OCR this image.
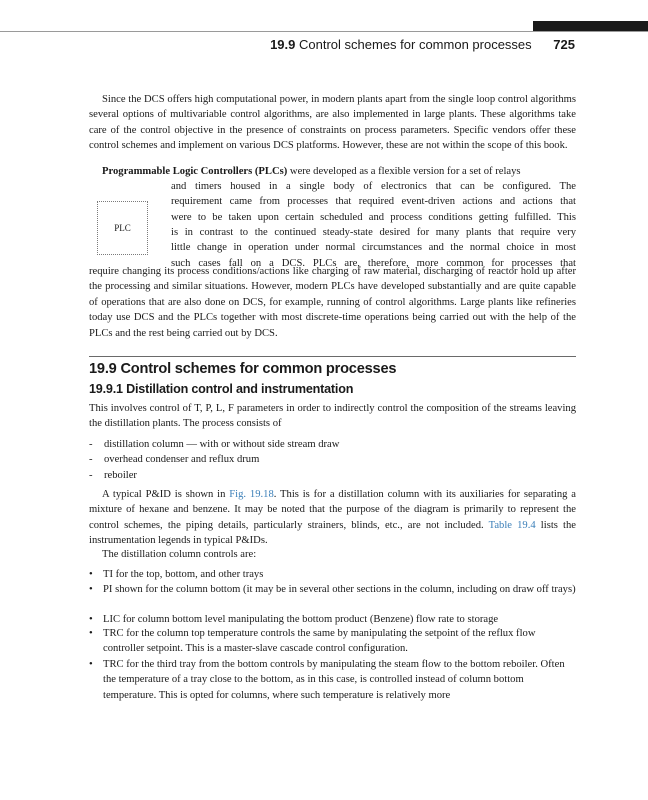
19.9 Control schemes for common processes 725

Since the DCS offers high computational power, in modern plants apart from the single loop control algorithms several options of multivariable control algorithms, are also implemented in large plants. These algorithms take care of the control objective in the presence of constraints on process parameters. Specific vendors offer these control schemes and implement on various DCS platforms. However, these are not within the scope of this book.

Programmable Logic Controllers (PLCs) were developed as a flexible version for a set of relays

PLC
and timers housed in a single body of electronics that can be configured. The
requirement came from processes that required event-driven actions and actions that
were to be taken upon certain scheduled and process conditions getting fulfilled. This
is in contrast to the continued steady-state desired for many plants that require very
little change in operation under normal circumstances and the normal choice in most
such cases fall on a DCS. PLCs are, therefore, more common for processes that

require changing its process conditions/actions like charging of raw material, discharging of reactor hold up after the processing and similar situations. However, modern PLCs have developed substantially and are quite capable of operations that are also done on DCS, for example, running of control algorithms. Large plants like refineries today use DCS and the PLCs together with most discrete-time operations being carried out with the help of the PLCs and the rest being carried out by DCS.

19.9 Control schemes for common processes
19.9.1 Distillation control and instrumentation

This involves control of T, P, L, F parameters in order to indirectly control the composition of the streams leaving the distillation plants. The process consists of

- distillation column — with or without side stream draw
- overhead condenser and reflux drum
- reboiler

A typical P&ID is shown in Fig. 19.18. This is for a distillation column with its auxiliaries for separating a mixture of hexane and benzene. It may be noted that the purpose of the diagram is primarily to represent the control schemes, the piping details, particularly strainers, blinds, etc., are not included. Table 19.4 lists the instrumentation legends in typical P&IDs.

The distillation column controls are:

• TI for the top, bottom, and other trays
• PI shown for the column bottom (it may be in several other sections in the column, including on draw off trays)
• LIC for column bottom level manipulating the bottom product (Benzene) flow rate to storage
• TRC for the column top temperature controls the same by manipulating the setpoint of the reflux flow controller setpoint. This is a master-slave cascade control configuration.
• TRC for the third tray from the bottom controls by manipulating the steam flow to the bottom reboiler. Often the temperature of a tray close to the bottom, as in this case, is controlled instead of column bottom temperature. This is opted for columns, where such temperature is relatively more
